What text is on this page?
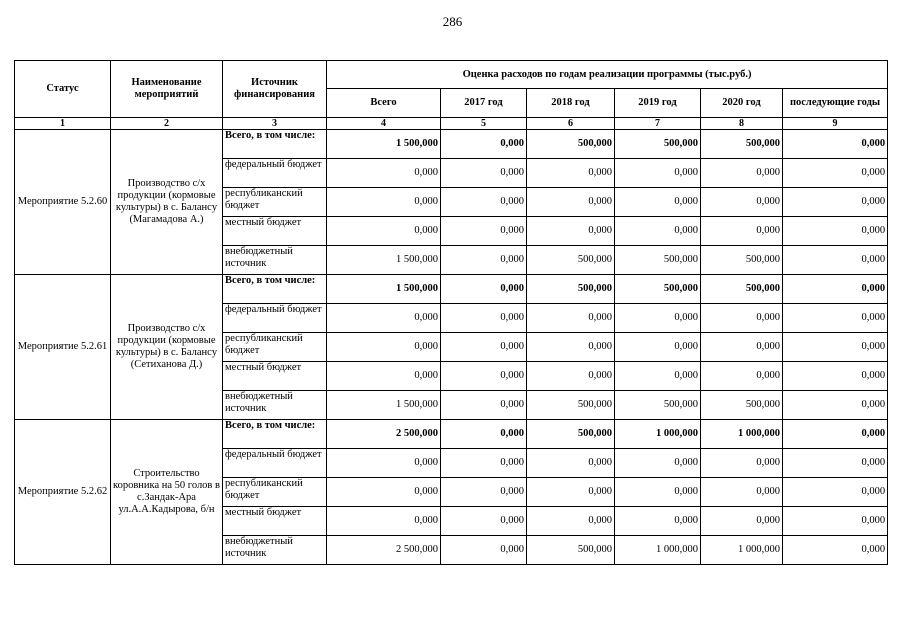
286
Статус	Наименование мероприятий	Источник финансирования	Оценка расходов по годам реализации программы (тыс.руб.)					
			Всего	2017 год	2018 год	2019 год	2020 год	последующие годы
1	2	3	4	5	6	7	8	9
Мероприятие 5.2.60	Производство с/х продукции (кормовые культуры) в с. Баланcу (Магамадова А.)	Всего, в том числе:	1 500,000	0,000	500,000	500,000	500,000	0,000
		федеральный бюджет	0,000	0,000	0,000	0,000	0,000	0,000
		республиканский бюджет	0,000	0,000	0,000	0,000	0,000	0,000
		местный бюджет	0,000	0,000	0,000	0,000	0,000	0,000
		внебюджетный источник	1 500,000	0,000	500,000	500,000	500,000	0,000
Мероприятие 5.2.61	Производство с/х продукции (кормовые культуры) в с. Баланcу (Сетиханова Д.)	Всего, в том числе:	1 500,000	0,000	500,000	500,000	500,000	0,000
		федеральный бюджет	0,000	0,000	0,000	0,000	0,000	0,000
		республиканский бюджет	0,000	0,000	0,000	0,000	0,000	0,000
		местный бюджет	0,000	0,000	0,000	0,000	0,000	0,000
		внебюджетный источник	1 500,000	0,000	500,000	500,000	500,000	0,000
Мероприятие 5.2.62	Строительство коровника на 50 голов в с.Зандак-Ара ул.А.А.Кадырова, б/н	Всего, в том числе:	2 500,000	0,000	500,000	1 000,000	1 000,000	0,000
		федеральный бюджет	0,000	0,000	0,000	0,000	0,000	0,000
		республиканский бюджет	0,000	0,000	0,000	0,000	0,000	0,000
		местный бюджет	0,000	0,000	0,000	0,000	0,000	0,000
		внебюджетный источник	2 500,000	0,000	500,000	1 000,000	1 000,000	0,000
